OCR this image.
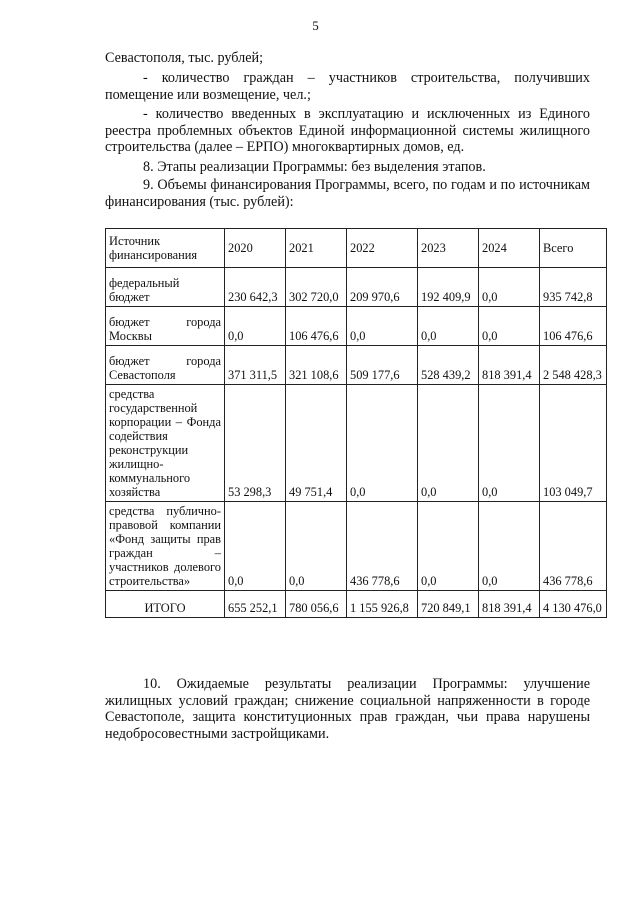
5

Севастополя, тыс. рублей;

- количество граждан – участников строительства, получивших помещение или возмещение, чел.;

- количество введенных в эксплуатацию и исключенных из Единого реестра проблемных объектов Единой информационной системы жилищного строительства (далее – ЕРПО) многоквартирных домов, ед.

8. Этапы реализации Программы: без выделения этапов.

9. Объемы финансирования Программы, всего, по годам и по источникам финансирования (тыс. рублей):

Источник финансирования	2020	2021	2022	2023	2024	Всего
федеральный бюджет	230 642,3	302 720,0	209 970,6	192 409,9	0,0	935 742,8
бюджет города Москвы	0,0	106 476,6	0,0	0,0	0,0	106 476,6
бюджет города Севастополя	371 311,5	321 108,6	509 177,6	528 439,2	818 391,4	2 548 428,3
средства государственной корпорации – Фонда содействия реконструкции жилищно-коммунального хозяйства	53 298,3	49 751,4	0,0	0,0	0,0	103 049,7
средства публично-правовой компании «Фонд защиты прав граждан – участников долевого строительства»	0,0	0,0	436 778,6	0,0	0,0	436 778,6
ИТОГО	655 252,1	780 056,6	1 155 926,8	720 849,1	818 391,4	4 130 476,0

10. Ожидаемые результаты реализации Программы: улучшение жилищных условий граждан; снижение социальной напряженности в городе Севастополе, защита конституционных прав граждан, чьи права нарушены недобросовестными застройщиками.
